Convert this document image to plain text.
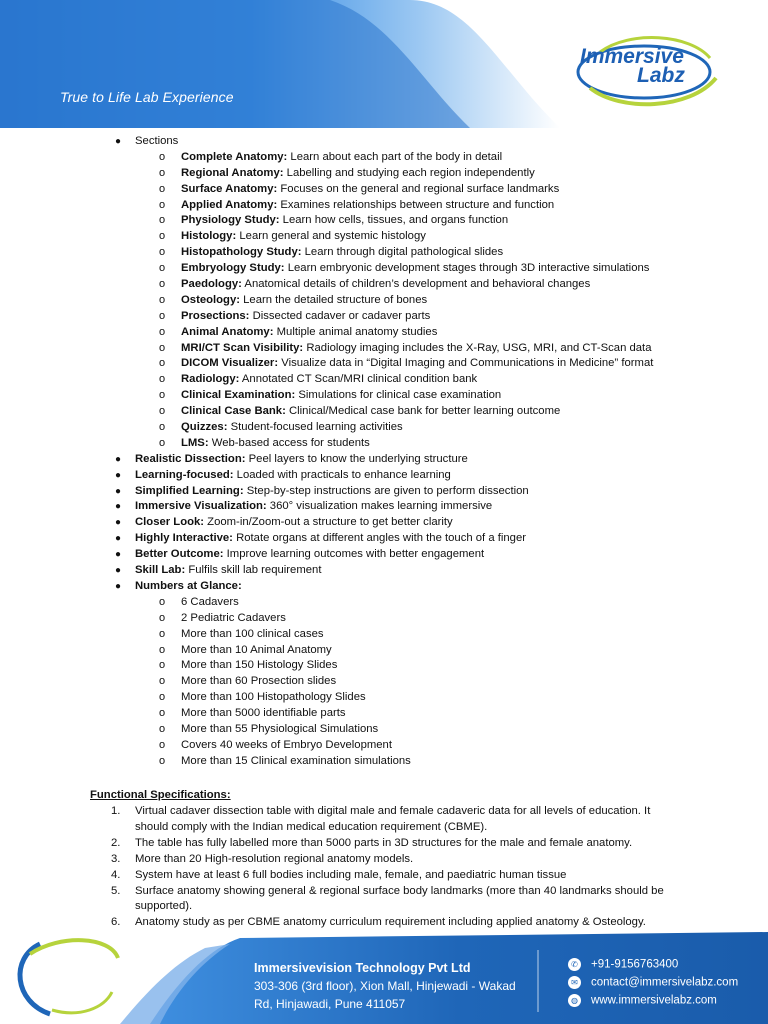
True to Life Lab Experience
Immersive
Labz
● Sections
o Complete Anatomy: Learn about each part of the body in detail
o Regional Anatomy: Labelling and studying each region independently
o Surface Anatomy: Focuses on the general and regional surface landmarks
o Applied Anatomy: Examines relationships between structure and function
o Physiology Study: Learn how cells, tissues, and organs function
o Histology: Learn general and systemic histology
o Histopathology Study: Learn through digital pathological slides
o Embryology Study: Learn embryonic development stages through 3D interactive simulations
o Paedology: Anatomical details of children’s development and behavioral changes
o Osteology: Learn the detailed structure of bones
o Prosections: Dissected cadaver or cadaver parts
o Animal Anatomy: Multiple animal anatomy studies
o MRI/CT Scan Visibility: Radiology imaging includes the X-Ray, USG, MRI, and CT-Scan data
o DICOM Visualizer: Visualize data in “Digital Imaging and Communications in Medicine” format
o Radiology: Annotated CT Scan/MRI clinical condition bank
o Clinical Examination: Simulations for clinical case examination
o Clinical Case Bank: Clinical/Medical case bank for better learning outcome
o Quizzes: Student-focused learning activities
o LMS: Web-based access for students
● Realistic Dissection: Peel layers to know the underlying structure
● Learning-focused: Loaded with practicals to enhance learning
● Simplified Learning: Step-by-step instructions are given to perform dissection
● Immersive Visualization: 360° visualization makes learning immersive
● Closer Look: Zoom-in/Zoom-out a structure to get better clarity
● Highly Interactive: Rotate organs at different angles with the touch of a finger
● Better Outcome: Improve learning outcomes with better engagement
● Skill Lab: Fulfils skill lab requirement
● Numbers at Glance:
o 6 Cadavers
o 2 Pediatric Cadavers
o More than 100 clinical cases
o More than 10 Animal Anatomy
o More than 150 Histology Slides
o More than 60 Prosection slides
o More than 100 Histopathology Slides
o More than 5000 identifiable parts
o More than 55 Physiological Simulations
o Covers 40 weeks of Embryo Development
o More than 15 Clinical examination simulations
Functional Specifications:
1. Virtual cadaver dissection table with digital male and female cadaveric data for all levels of education. It
should comply with the Indian medical education requirement (CBME).
2. The table has fully labelled more than 5000 parts in 3D structures for the male and female anatomy.
3. More than 20 High-resolution regional anatomy models.
4. System have at least 6 full bodies including male, female, and paediatric human tissue
5. Surface anatomy showing general & regional surface body landmarks (more than 40 landmarks should be
supported).
6. Anatomy study as per CBME anatomy curriculum requirement including applied anatomy & Osteology.
Immersivevision Technology Pvt Ltd
303-306 (3rd floor), Xion Mall, Hinjewadi - Wakad
Rd, Hinjawadi, Pune 411057
✆ +91-9156763400
✉ contact@immersivelabz.com
◍ www.immersivelabz.com
